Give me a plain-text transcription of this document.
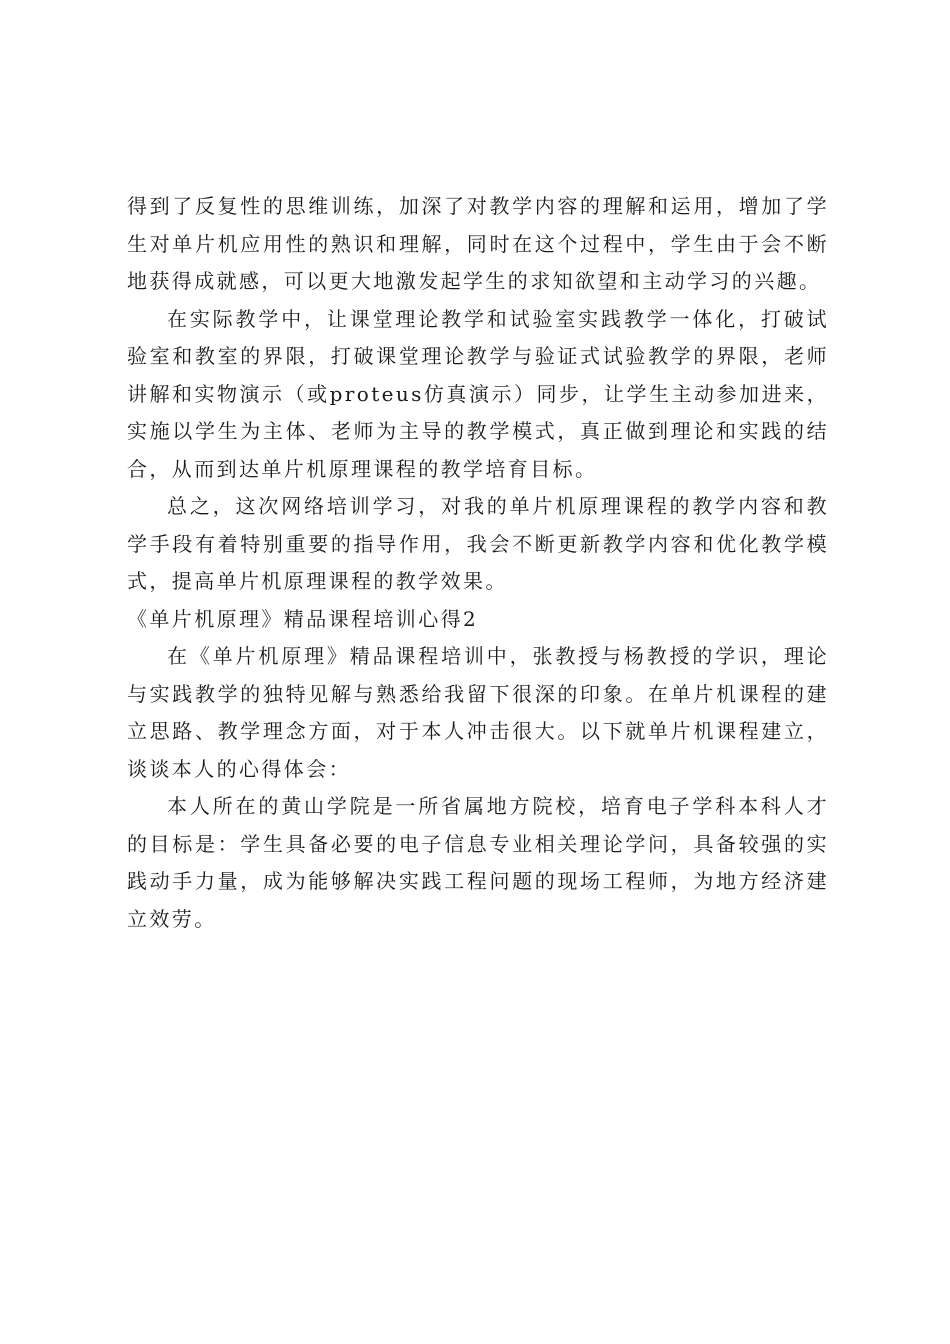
得到了反复性的思维训练，加深了对教学内容的理解和运用，增加了学生对单片机应用性的熟识和理解，同时在这个过程中，学生由于会不断地获得成就感，可以更大地激发起学生的求知欲望和主动学习的兴趣。

在实际教学中，让课堂理论教学和试验室实践教学一体化，打破试验室和教室的界限，打破课堂理论教学与验证式试验教学的界限，老师讲解和实物演示（或proteus仿真演示）同步，让学生主动参加进来，实施以学生为主体、老师为主导的教学模式，真正做到理论和实践的结合，从而到达单片机原理课程的教学培育目标。

总之，这次网络培训学习，对我的单片机原理课程的教学内容和教学手段有着特别重要的指导作用，我会不断更新教学内容和优化教学模式，提高单片机原理课程的教学效果。

《单片机原理》精品课程培训心得2

在《单片机原理》精品课程培训中，张教授与杨教授的学识，理论与实践教学的独特见解与熟悉给我留下很深的印象。在单片机课程的建立思路、教学理念方面，对于本人冲击很大。以下就单片机课程建立，谈谈本人的心得体会：

本人所在的黄山学院是一所省属地方院校，培育电子学科本科人才的目标是：学生具备必要的电子信息专业相关理论学问，具备较强的实践动手力量，成为能够解决实践工程问题的现场工程师，为地方经济建立效劳。
